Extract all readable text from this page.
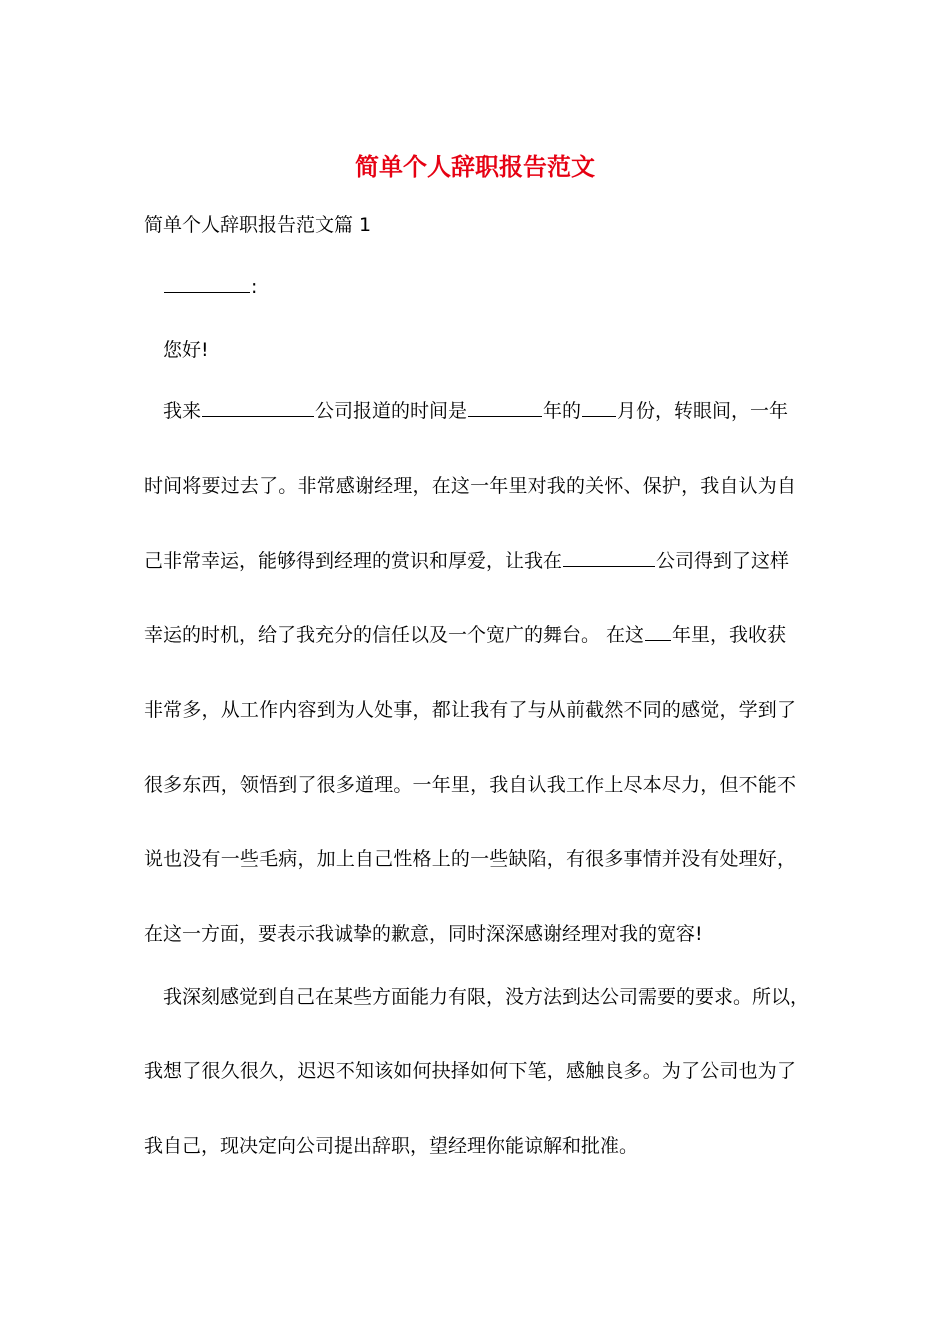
简单个人辞职报告范文
简单个人辞职报告范文篇 1
:
您好!
我来	公司报道的时间是	年的 月份，转眼间，一年
时间将要过去了。非常感谢经理，在这一年里对我的关怀、保护，我自认为自
己非常幸运，能够得到经理的赏识和厚爱，让我在	公司得到了这样
幸运的时机，给了我充分的信任以及一个宽广的舞台。 在这 年里，我收获
非常多，从工作内容到为人处事，都让我有了与从前截然不同的感觉，学到了
很多东西，领悟到了很多道理。一年里，我自认我工作上尽本尽力，但不能不
说也没有一些毛病，加上自己性格上的一些缺陷，有很多事情并没有处理好，
在这一方面，要表示我诚挚的歉意，同时深深感谢经理对我的宽容!
我深刻感觉到自己在某些方面能力有限，没方法到达公司需要的要求。所以，
我想了很久很久，迟迟不知该如何抉择如何下笔，感触良多。为了公司也为了
我自己，现决定向公司提出辞职，望经理你能谅解和批准。
